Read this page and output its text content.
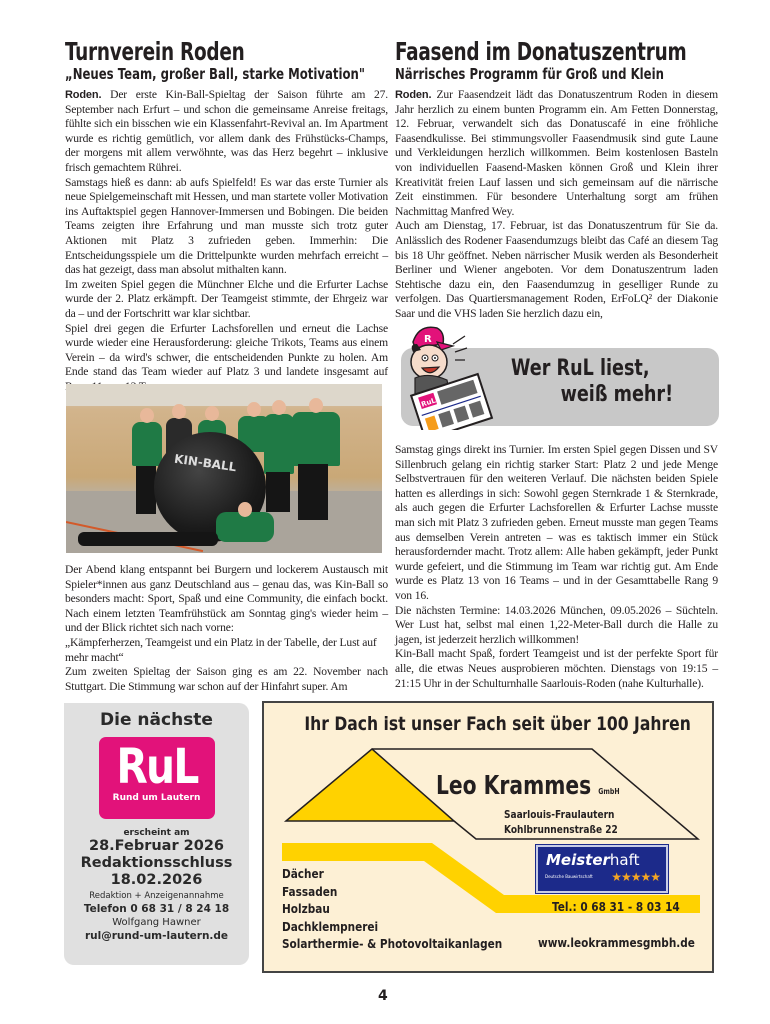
Turnverein Roden
„Neues Team, großer Ball, starke Motivation"

Roden. Der erste Kin-Ball-Spieltag der Saison führte am 27. September nach Erfurt – und schon die gemeinsame Anreise freitags, fühlte sich ein bisschen wie ein Klassenfahrt-Revival an. Im Apartment wurde es richtig gemütlich, vor allem dank des Frühstücks-Champs, der morgens mit allem verwöhnte, was das Herz begehrt – inklusive frisch gemachtem Rührei.

Samstags hieß es dann: ab aufs Spielfeld! Es war das erste Turnier als neue Spielgemeinschaft mit Hessen, und man startete voller Motivation ins Auftaktspiel gegen Hannover-Immersen und Bobingen. Die beiden Teams zeigten ihre Erfahrung und man musste sich trotz guter Aktionen mit Platz 3 zufrieden geben. Immerhin: Die Entscheidungsspiele um die Drittelpunkte wurden mehrfach erreicht – das hat gezeigt, dass man absolut mithalten kann.

Im zweiten Spiel gegen die Münchner Elche und die Erfurter Lachse wurde der 2. Platz erkämpft. Der Teamgeist stimmte, der Ehrgeiz war da – und der Fortschritt war klar sichtbar.

Spiel drei gegen die Erfurter Lachsforellen und erneut die Lachse wurde wieder eine Herausforderung: gleiche Trikots, Teams aus einem Verein – da wird's schwer, die entscheidenden Punkte zu holen. Am Ende stand das Team wieder auf Platz 3 und landete insgesamt auf

KIN-BALL

Der Abend klang entspannt bei Burgern und lockerem Austausch mit Spieler*innen aus ganz Deutschland aus – genau das, was Kin-Ball so besonders macht: Sport, Spaß und eine Community, die einfach bockt. Nach einem letzten Teamfrühstück am Sonntag ging's wieder heim – und der Blick richtet sich nach vorne:

„Kämpferherzen, Teamgeist und ein Platz in der Tabelle, der Lust auf mehr macht“

Zum zweiten Spieltag der Saison ging es am 22. November nach Stuttgart. Die Stimmung war schon auf der Hinfahrt super. Am

Faasend im Donatuszentrum
Närrisches Programm für Groß und Klein

Roden. Zur Faasendzeit lädt das Donatuszentrum Roden in diesem Jahr herzlich zu einem bunten Programm ein. Am Fetten Donnerstag, 12. Februar, verwandelt sich das Donatuscafé in eine fröhliche Faasendkulisse. Bei stimmungsvoller Faasendmusik sind gute Laune und Verkleidungen herzlich willkommen. Beim kostenlosen Basteln von individuellen Faasend-Masken können Groß und Klein ihrer Kreativität freien Lauf lassen und sich gemeinsam auf die närrische Zeit einstimmen. Für besondere Unterhaltung sorgt am frühen Nachmittag Manfred Wey.

Auch am Dienstag, 17. Februar, ist das Donatuszentrum für Sie da. Anlässlich des Rodener Faasendumzugs bleibt das Café an diesem Tag bis 18 Uhr geöffnet. Neben närrischer Musik werden als Besonderheit Berliner und Wiener angeboten. Vor dem Donatuszentrum laden Stehtische dazu ein, den Faasendumzug in geselliger Runde zu verfolgen. Das Quartiersmanagement Roden, ErFoLQ² der Diakonie Saar und die VHS laden Sie herzlich dazu ein,

R
RuL
Wer RuL liest,
weiß mehr!

Samstag gings direkt ins Turnier. Im ersten Spiel gegen Dissen und SV Sillenbruch gelang ein richtig starker Start: Platz 2 und jede Menge Selbstvertrauen für den weiteren Verlauf. Die nächsten beiden Spiele hatten es allerdings in sich: Sowohl gegen Sternkrade 1 & Sternkrade, als auch gegen die Erfurter Lachsforellen & Erfurter Lachse musste man sich mit Platz 3 zufrieden geben. Erneut musste man gegen Teams aus demselben Verein antreten – was es taktisch immer ein Stück herausfordernder macht. Trotz allem: Alle haben gekämpft, jeder Punkt wurde gefeiert, und die Stimmung im Team war richtig gut. Am Ende wurde es Platz 13 von 16 Teams – und in der Gesamttabelle Rang 9 von 16.

Die nächsten Termine: 14.03.2026 München, 09.05.2026 – Süchteln. Wer Lust hat, selbst mal einen 1,22-Meter-Ball durch die Halle zu jagen, ist jederzeit herzlich willkommen!

Kin-Ball macht Spaß, fordert Teamgeist und ist der perfekte Sport für alle, die etwas Neues ausprobieren möchten. Dienstags von 19:15 – 21:15 Uhr in der Schulturnhalle Saarlouis-Roden (nahe Kulturhalle).

Die nächste
RuL
Rund um Lautern
erscheint am
28.Februar 2026
Redaktionsschluss
18.02.2026
Redaktion + Anzeigenannahme
Telefon 0 68 31 / 8 24 18
Wolfgang Hawner
rul@rund-um-lautern.de
Ihr Dach ist unser Fach seit über 100 Jahren
Leo Krammes GmbH
Saarlouis-Fraulautern
Kohlbrunnenstraße 22
Meisterhaft
Deutsche Bauwirtschaft ★★★★★
Dächer
Fassaden
Holzbau
Dachklempnerei
Solarthermie- & Photovoltaikanlagen
Tel.: 0 68 31 - 8 03 14
www.leokrammesgmbh.de
4
